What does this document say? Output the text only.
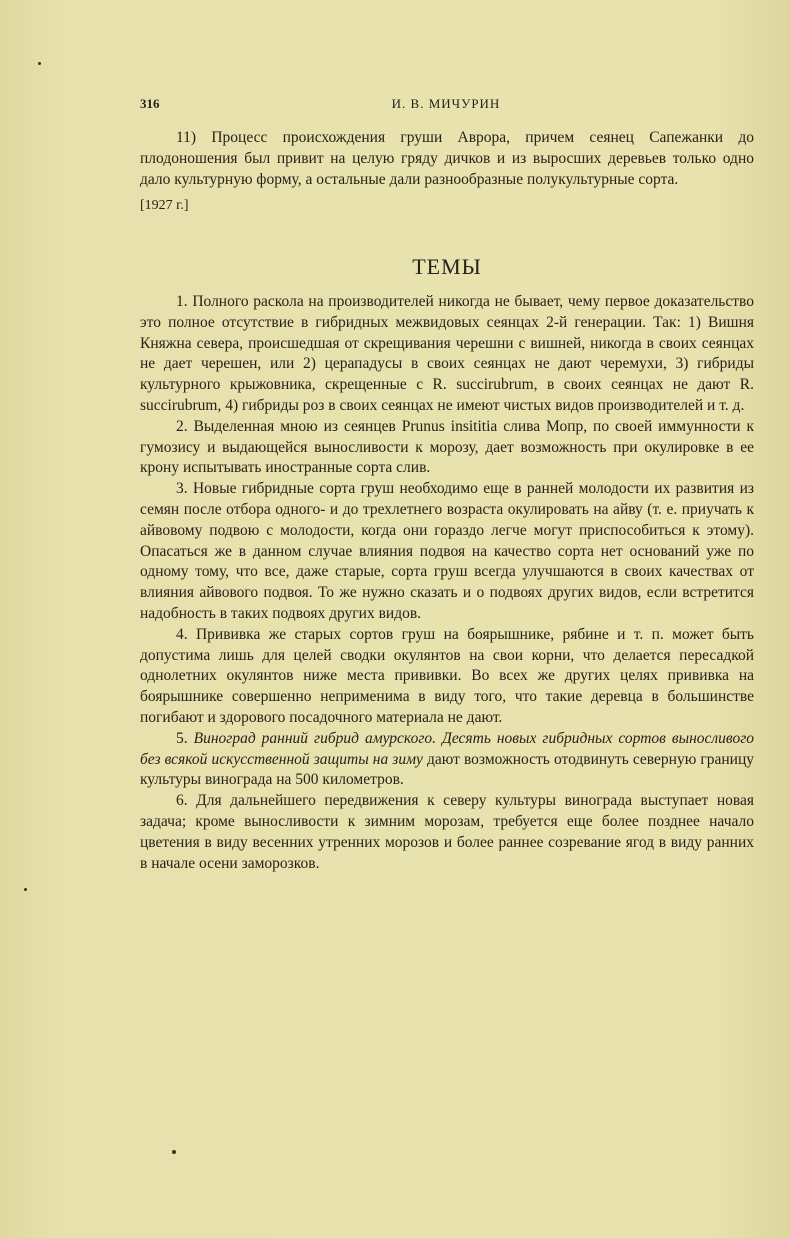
316	И. В. МИЧУРИН

11) Процесс происхождения груши Аврора, причем сеянец Сапежанки до плодоношения был привит на целую гряду дичков и из выросших деревьев только одно дало культурную форму, а остальные дали разнообразные полукультурные сорта.

[1927 г.]
ТЕМЫ

1. Полного раскола на производителей никогда не бывает, чему первое доказательство это полное отсутствие в гибридных межвидовых сеянцах 2-й генерации. Так: 1) Вишня Княжна севера, происшедшая от скрещивания черешни с вишней, никогда в своих сеянцах не дает черешен, или 2) церападусы в своих сеянцах не дают черемухи, 3) гибриды культурного крыжовника, скрещенные с R. succirubrum, в своих сеянцах не дают R. succirubrum, 4) гибриды роз в своих сеянцах не имеют чистых видов производителей и т. д.

2. Выделенная мною из сеянцев Prunus insititia слива Мопр, по своей иммунности к гумозису и выдающейся выносливости к морозу, дает возможность при окулировке в ее крону испытывать иностранные сорта слив.

3. Новые гибридные сорта груш необходимо еще в ранней молодости их развития из семян после отбора одного- и до трехлетнего возраста окулировать на айву (т. е. приучать к айвовому подвою с молодости, когда они гораздо легче могут приспособиться к этому). Опасаться же в данном случае влияния подвоя на качество сорта нет оснований уже по одному тому, что все, даже старые, сорта груш всегда улучшаются в своих качествах от влияния айвового подвоя. То же нужно сказать и о подвоях других видов, если встретится надобность в таких подвоях других видов.

4. Прививка же старых сортов груш на боярышнике, рябине и т. п. может быть допустима лишь для целей сводки окулянтов на свои корни, что делается пересадкой однолетних окулянтов ниже места прививки. Во всех же других целях прививка на боярышнике совершенно неприменима в виду того, что такие деревца в большинстве погибают и здорового посадочного материала не дают.

5. Виноград ранний гибрид амурского. Десять новых гибридных сортов выносливого без всякой искусственной защиты на зиму дают возможность отодвинуть северную границу культуры винограда на 500 километров.

6. Для дальнейшего передвижения к северу культуры винограда выступает новая задача; кроме выносливости к зимним морозам, требуется еще более позднее начало цветения в виду весенних утренних морозов и более раннее созревание ягод в виду ранних в начале осени заморозков.
